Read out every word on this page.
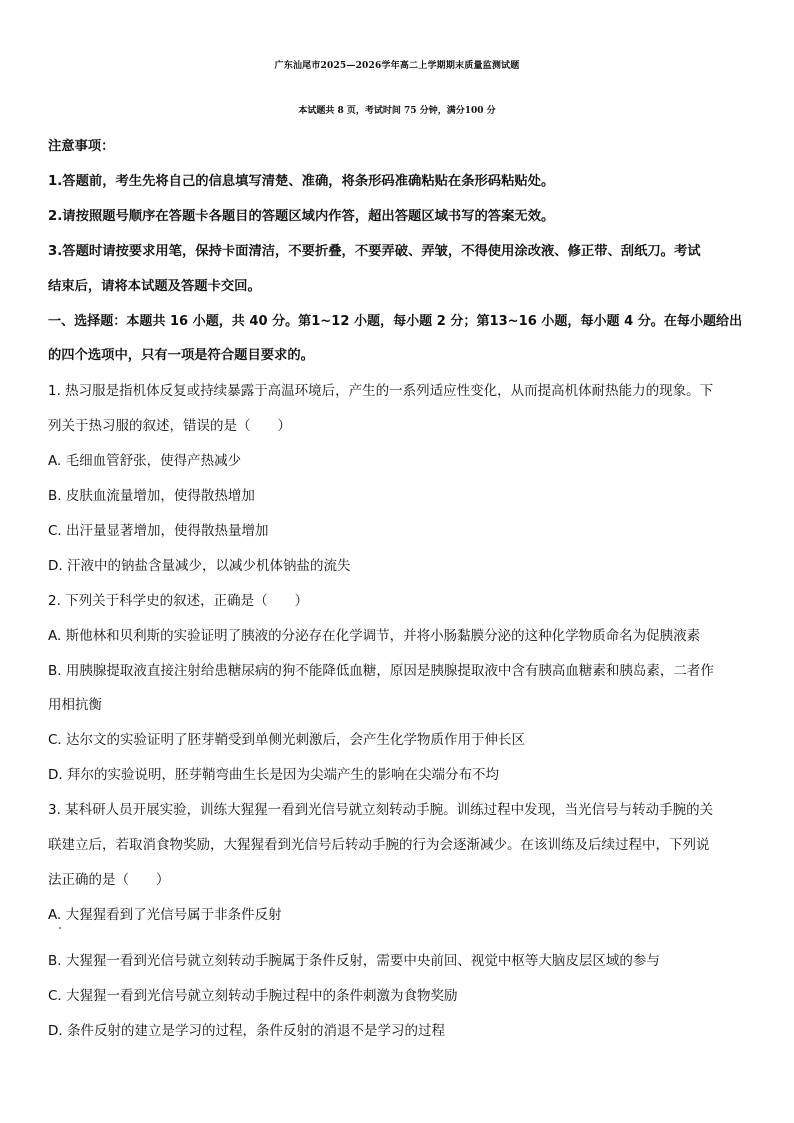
广东汕尾市2025—2026学年高二上学期期末质量监测试题
本试题共 8 页，考试时间 75 分钟，满分100 分
注意事项：
1.答题前，考生先将自己的信息填写清楚、准确，将条形码准确粘贴在条形码粘贴处。
2.请按照题号顺序在答题卡各题目的答题区域内作答，超出答题区域书写的答案无效。
3.答题时请按要求用笔，保持卡面清洁，不要折叠，不要弄破、弄皱，不得使用涂改液、修正带、刮纸刀。考试
结束后，请将本试题及答题卡交回。
一、选择题：本题共 16 小题，共 40 分。第1~12 小题，每小题 2 分；第13~16 小题，每小题 4 分。在每小题给出
的四个选项中，只有一项是符合题目要求的。
1. 热习服是指机体反复或持续暴露于高温环境后，产生的一系列适应性变化，从而提高机体耐热能力的现象。下
列关于热习服的叙述，错误的是（　　）
A. 毛细血管舒张，使得产热减少
B. 皮肤血流量增加，使得散热增加
C. 出汗量显著增加，使得散热量增加
D. 汗液中的钠盐含量减少，以减少机体钠盐的流失
2. 下列关于科学史的叙述，正确是（　　）
A. 斯他林和贝利斯的实验证明了胰液的分泌存在化学调节，并将小肠黏膜分泌的这种化学物质命名为促胰液素
B. 用胰腺提取液直接注射给患糖尿病的狗不能降低血糖，原因是胰腺提取液中含有胰高血糖素和胰岛素，二者作
用相抗衡
C. 达尔文的实验证明了胚芽鞘受到单侧光刺激后，会产生化学物质作用于伸长区
D. 拜尔的实验说明，胚芽鞘弯曲生长是因为尖端产生的影响在尖端分布不均
3. 某科研人员开展实验，训练大猩猩一看到光信号就立刻转动手腕。训练过程中发现，当光信号与转动手腕的关
联建立后，若取消食物奖励，大猩猩看到光信号后转动手腕的行为会逐渐减少。在该训练及后续过程中，下列说
法正确的是（　　）
A. 大猩猩看到了光信号属于非条件反射
B. 大猩猩一看到光信号就立刻转动手腕属于条件反射，需要中央前回、视觉中枢等大脑皮层区域的参与
C. 大猩猩一看到光信号就立刻转动手腕过程中的条件刺激为食物奖励
D. 条件反射的建立是学习的过程，条件反射的消退不是学习的过程
